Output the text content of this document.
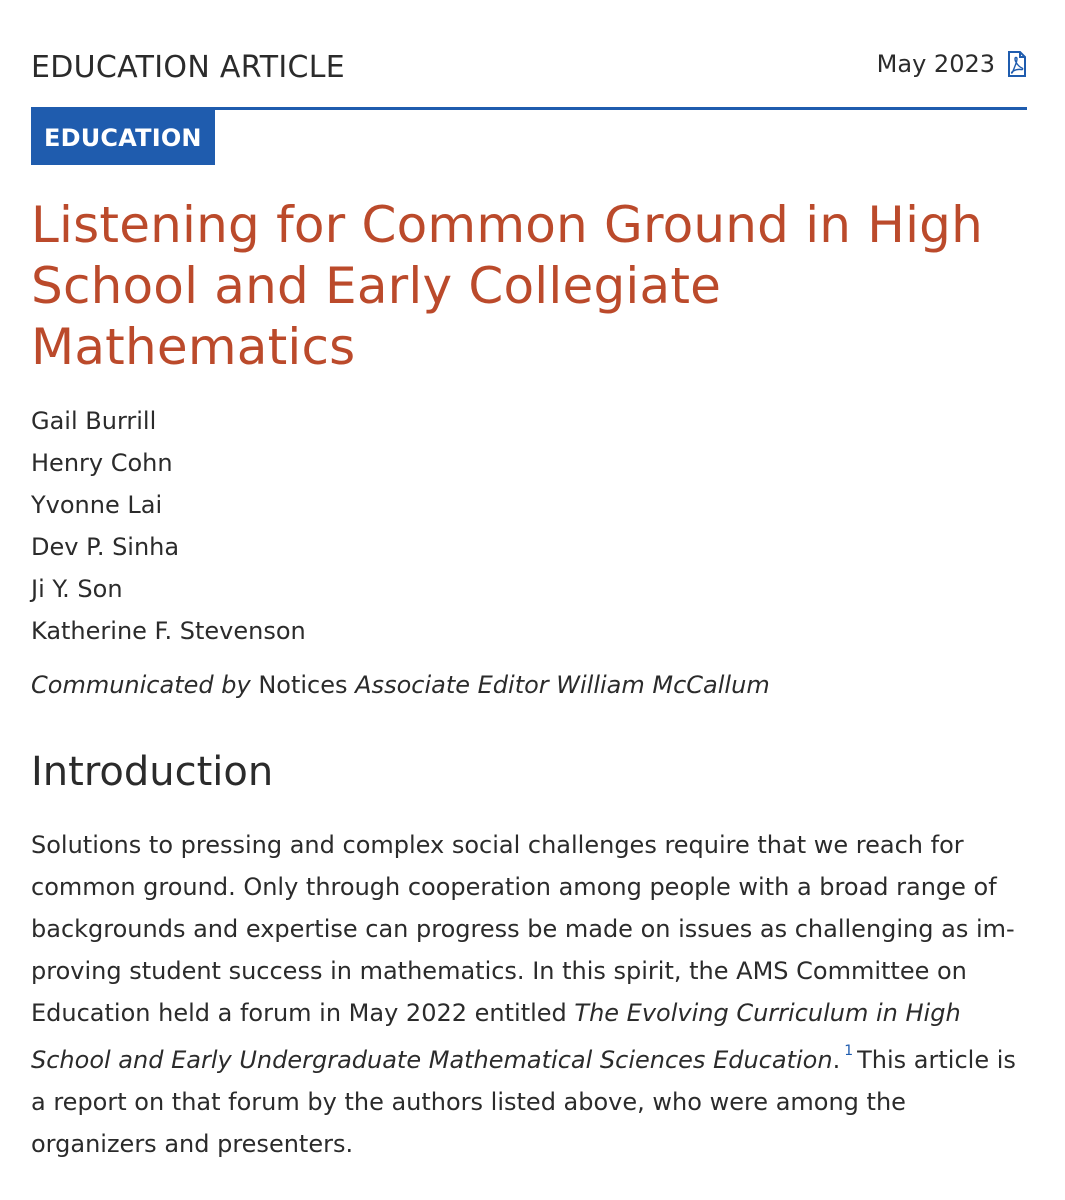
EDUCATION ARTICLE	May 2023
EDUCATION
Listening for Common Ground in High School and Early Collegiate Mathematics
Gail Burrill
Henry Cohn
Yvonne Lai
Dev P. Sinha
Ji Y. Son
Katherine F. Stevenson
Communicated by Notices Associate Editor William McCallum
Introduction

Solutions to pressing and complex social challenges require that we reach for common ground. Only through cooperation among people with a broad range of backgrounds and expertise can progress be made on issues as challenging as im-proving student success in mathematics. In this spirit, the AMS Committee on Education held a forum in May 2022 entitled The Evolving Curriculum in High School and Early Undergraduate Mathematical Sciences Education. $^1$ This article is a report on that forum by the authors listed above, who were among the organizers and presenters.
